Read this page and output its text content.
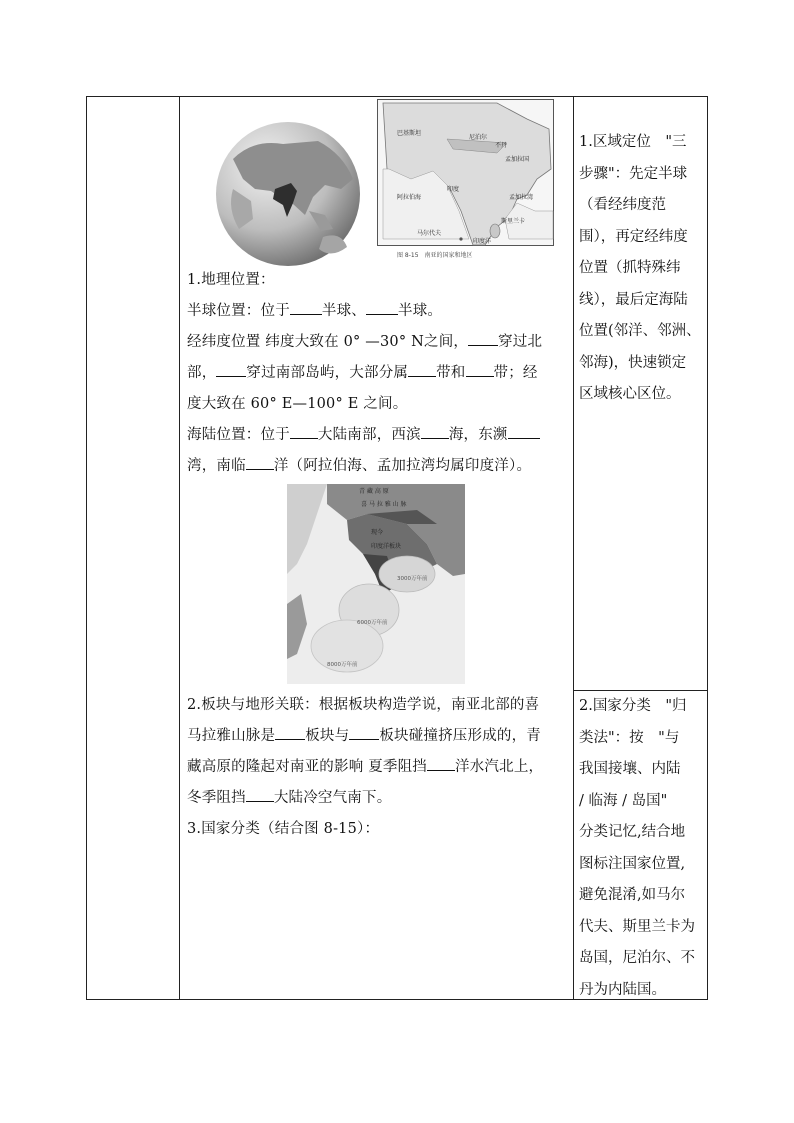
巴基斯坦
印度
尼泊尔
不丹
孟加拉国
阿拉伯海	孟加拉湾
斯里兰卡
马尔代夫
印度洋
图 8-15　南亚的国家和地区
1.地理位置：
半球位置：位于 半球、 半球。
经纬度位置 纬度大致在 0° —30° N之间， 穿过北
部， 穿过南部岛屿，大部分属 带和 带；经
度大致在 60° E—100° E 之间。
海陆位置：位于 大陆南部，西滨 海，东濒
湾，南临 洋（阿拉伯海、孟加拉湾均属印度洋）。
青 藏 高 原
喜 马 拉 雅 山 脉
现今
印度洋板块
3000万年前
6000万年前
8000万年前
2.板块与地形关联：根据板块构造学说，南亚北部的喜
马拉雅山脉是 板块与 板块碰撞挤压形成的，青
藏高原的隆起对南亚的影响 夏季阻挡 洋水汽北上，
冬季阻挡 大陆冷空气南下。
3.国家分类（结合图 8-15）：
1.区域定位　"三
步骤"：先定半球
（看经纬度范
围），再定经纬度
位置（抓特殊纬
线），最后定海陆
位置(邻洋、邻洲、
邻海)，快速锁定
区域核心区位。
2.国家分类　"归
类法"：按　"与
我国接壤、内陆
/ 临海 / 岛国"
分类记忆,结合地
图标注国家位置,
避免混淆,如马尔
代夫、斯里兰卡为
岛国，尼泊尔、不
丹为内陆国。
